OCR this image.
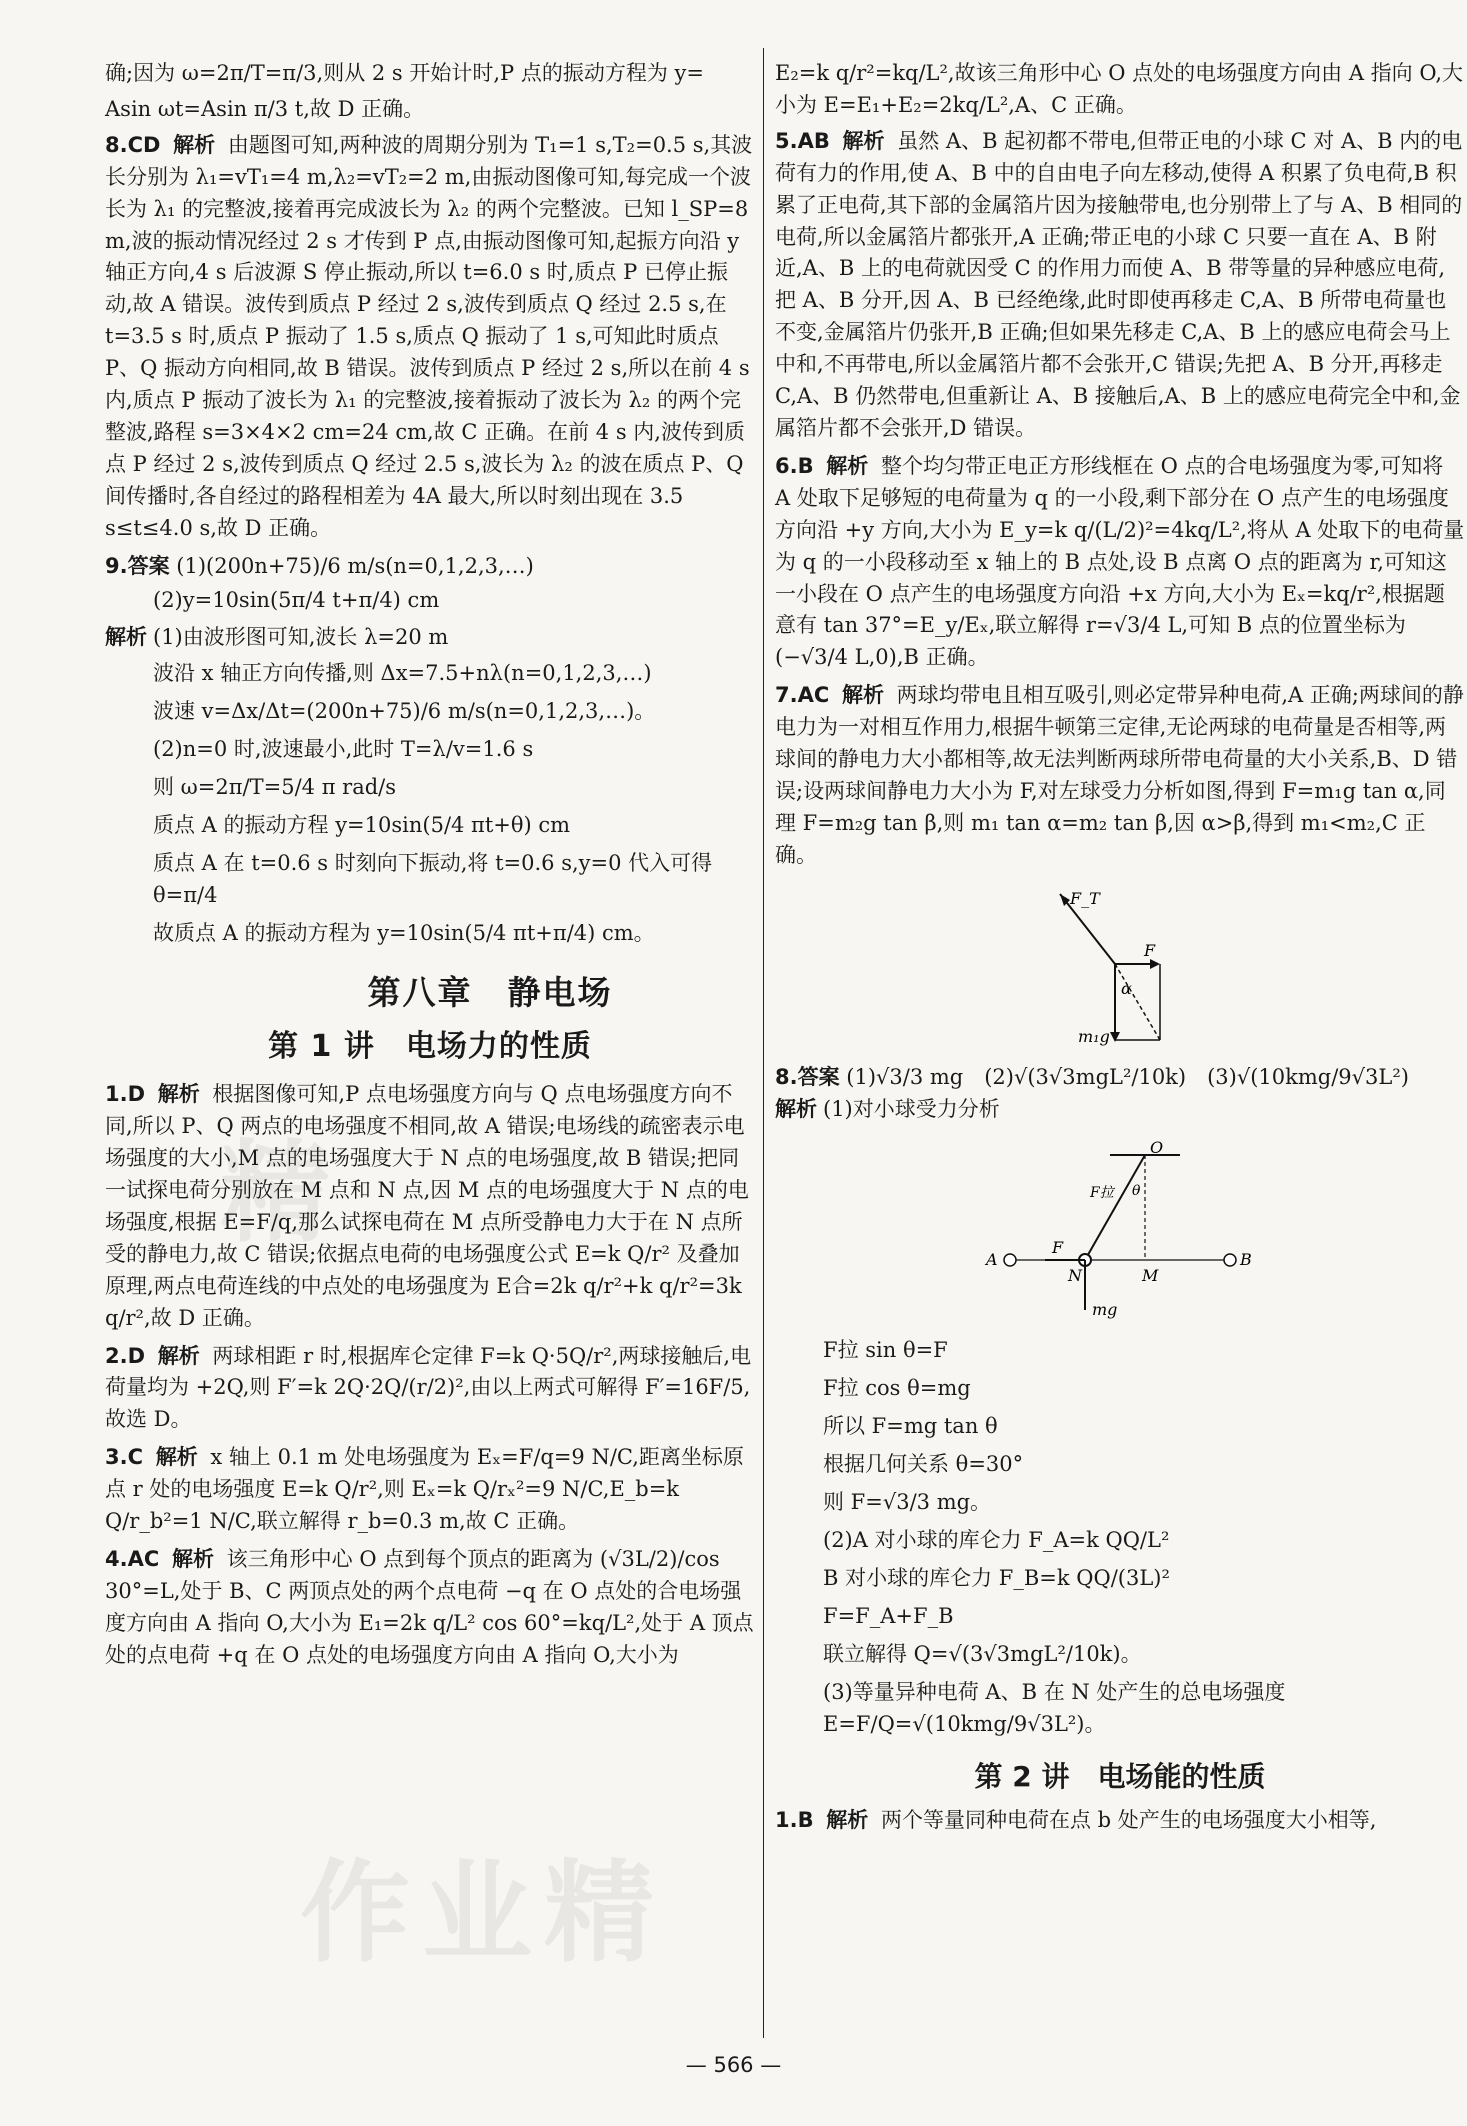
精
作业精

确;因为 ω=2π/T=π/3,则从 2 s 开始计时,P 点的振动方程为 y=

Asin ωt=Asin π/3 t,故 D 正确。

8.CD 解析 由题图可知,两种波的周期分别为 T₁=1 s,T₂=0.5 s,其波长分别为 λ₁=vT₁=4 m,λ₂=vT₂=2 m,由振动图像可知,每完成一个波长为 λ₁ 的完整波,接着再完成波长为 λ₂ 的两个完整波。已知 l_SP=8 m,波的振动情况经过 2 s 才传到 P 点,由振动图像可知,起振方向沿 y 轴正方向,4 s 后波源 S 停止振动,所以 t=6.0 s 时,质点 P 已停止振动,故 A 错误。波传到质点 P 经过 2 s,波传到质点 Q 经过 2.5 s,在 t=3.5 s 时,质点 P 振动了 1.5 s,质点 Q 振动了 1 s,可知此时质点 P、Q 振动方向相同,故 B 错误。波传到质点 P 经过 2 s,所以在前 4 s 内,质点 P 振动了波长为 λ₁ 的完整波,接着振动了波长为 λ₂ 的两个完整波,路程 s=3×4×2 cm=24 cm,故 C 正确。在前 4 s 内,波传到质点 P 经过 2 s,波传到质点 Q 经过 2.5 s,波长为 λ₂ 的波在质点 P、Q 间传播时,各自经过的路程相差为 4A 最大,所以时刻出现在 3.5 s≤t≤4.0 s,故 D 正确。
9.答案 (1)(200n+75)/6 m/s(n=0,1,2,3,…)

(2)y=10sin(5π/4 t+π/4) cm

解析 (1)由波形图可知,波长 λ=20 m

波沿 x 轴正方向传播,则 Δx=7.5+nλ(n=0,1,2,3,…)

波速 v=Δx/Δt=(200n+75)/6 m/s(n=0,1,2,3,…)。

(2)n=0 时,波速最小,此时 T=λ/v=1.6 s

则 ω=2π/T=5/4 π rad/s

质点 A 的振动方程 y=10sin(5/4 πt+θ) cm

质点 A 在 t=0.6 s 时刻向下振动,将 t=0.6 s,y=0 代入可得 θ=π/4

故质点 A 的振动方程为 y=10sin(5/4 πt+π/4) cm。

第八章　静电场
第 1 讲　电场力的性质
1.D 解析 根据图像可知,P 点电场强度方向与 Q 点电场强度方向不同,所以 P、Q 两点的电场强度不相同,故 A 错误;电场线的疏密表示电场强度的大小,M 点的电场强度大于 N 点的电场强度,故 B 错误;把同一试探电荷分别放在 M 点和 N 点,因 M 点的电场强度大于 N 点的电场强度,根据 E=F/q,那么试探电荷在 M 点所受静电力大于在 N 点所受的静电力,故 C 错误;依据点电荷的电场强度公式 E=k Q/r² 及叠加原理,两点电荷连线的中点处的电场强度为 E合=2k q/r²+k q/r²=3k q/r²,故 D 正确。
2.D 解析 两球相距 r 时,根据库仑定律 F=k Q·5Q/r²,两球接触后,电荷量均为 +2Q,则 F′=k 2Q·2Q/(r/2)²,由以上两式可解得 F′=16F/5,故选 D。
3.C 解析 x 轴上 0.1 m 处电场强度为 Eₓ=F/q=9 N/C,距离坐标原点 r 处的电场强度 E=k Q/r²,则 Eₓ=k Q/rₓ²=9 N/C,E_b=k Q/r_b²=1 N/C,联立解得 r_b=0.3 m,故 C 正确。
4.AC 解析 该三角形中心 O 点到每个顶点的距离为 (√3L/2)/cos 30°=L,处于 B、C 两顶点处的两个点电荷 −q 在 O 点处的合电场强度方向由 A 指向 O,大小为 E₁=2k q/L² cos 60°=kq/L²,处于 A 顶点处的点电荷 +q 在 O 点处的电场强度方向由 A 指向 O,大小为

E₂=k q/r²=kq/L²,故该三角形中心 O 点处的电场强度方向由 A 指向 O,大小为 E=E₁+E₂=2kq/L²,A、C 正确。

5.AB 解析 虽然 A、B 起初都不带电,但带正电的小球 C 对 A、B 内的电荷有力的作用,使 A、B 中的自由电子向左移动,使得 A 积累了负电荷,B 积累了正电荷,其下部的金属箔片因为接触带电,也分别带上了与 A、B 相同的电荷,所以金属箔片都张开,A 正确;带正电的小球 C 只要一直在 A、B 附近,A、B 上的电荷就因受 C 的作用力而使 A、B 带等量的异种感应电荷,把 A、B 分开,因 A、B 已经绝缘,此时即使再移走 C,A、B 所带电荷量也不变,金属箔片仍张开,B 正确;但如果先移走 C,A、B 上的感应电荷会马上中和,不再带电,所以金属箔片都不会张开,C 错误;先把 A、B 分开,再移走 C,A、B 仍然带电,但重新让 A、B 接触后,A、B 上的感应电荷完全中和,金属箔片都不会张开,D 错误。
6.B 解析 整个均匀带正电正方形线框在 O 点的合电场强度为零,可知将 A 处取下足够短的电荷量为 q 的一小段,剩下部分在 O 点产生的电场强度方向沿 +y 方向,大小为 E_y=k q/(L/2)²=4kq/L²,将从 A 处取下的电荷量为 q 的一小段移动至 x 轴上的 B 点处,设 B 点离 O 点的距离为 r,可知这一小段在 O 点产生的电场强度方向沿 +x 方向,大小为 Eₓ=kq/r²,根据题意有 tan 37°=E_y/Eₓ,联立解得 r=√3/4 L,可知 B 点的位置坐标为(−√3/4 L,0),B 正确。
7.AC 解析 两球均带电且相互吸引,则必定带异种电荷,A 正确;两球间的静电力为一对相互作用力,根据牛顿第三定律,无论两球的电荷量是否相等,两球间的静电力大小都相等,故无法判断两球所带电荷量的大小关系,B、D 错误;设两球间静电力大小为 F,对左球受力分析如图,得到 F=m₁g tan α,同理 F=m₂g tan β,则 m₁ tan α=m₂ tan β,因 α>β,得到 m₁<m₂,C 正确。
F_T
F
α
m₁g
8.答案 (1)√3/3 mg　(2)√(3√3mgL²/10k)　(3)√(10kmg/9√3L²)

解析 (1)对小球受力分析

O
F拉 θ
F
A	B
N	M
mg

F拉 sin θ=F

F拉 cos θ=mg

所以 F=mg tan θ

根据几何关系 θ=30°

则 F=√3/3 mg。

(2)A 对小球的库仑力 F_A=k QQ/L²

B 对小球的库仑力 F_B=k QQ/(3L)²

F=F_A+F_B

联立解得 Q=√(3√3mgL²/10k)。

(3)等量异种电荷 A、B 在 N 处产生的总电场强度 E=F/Q=√(10kmg/9√3L²)。

第 2 讲　电场能的性质
1.B 解析 两个等量同种电荷在点 b 处产生的电场强度大小相等,
— 566 —
